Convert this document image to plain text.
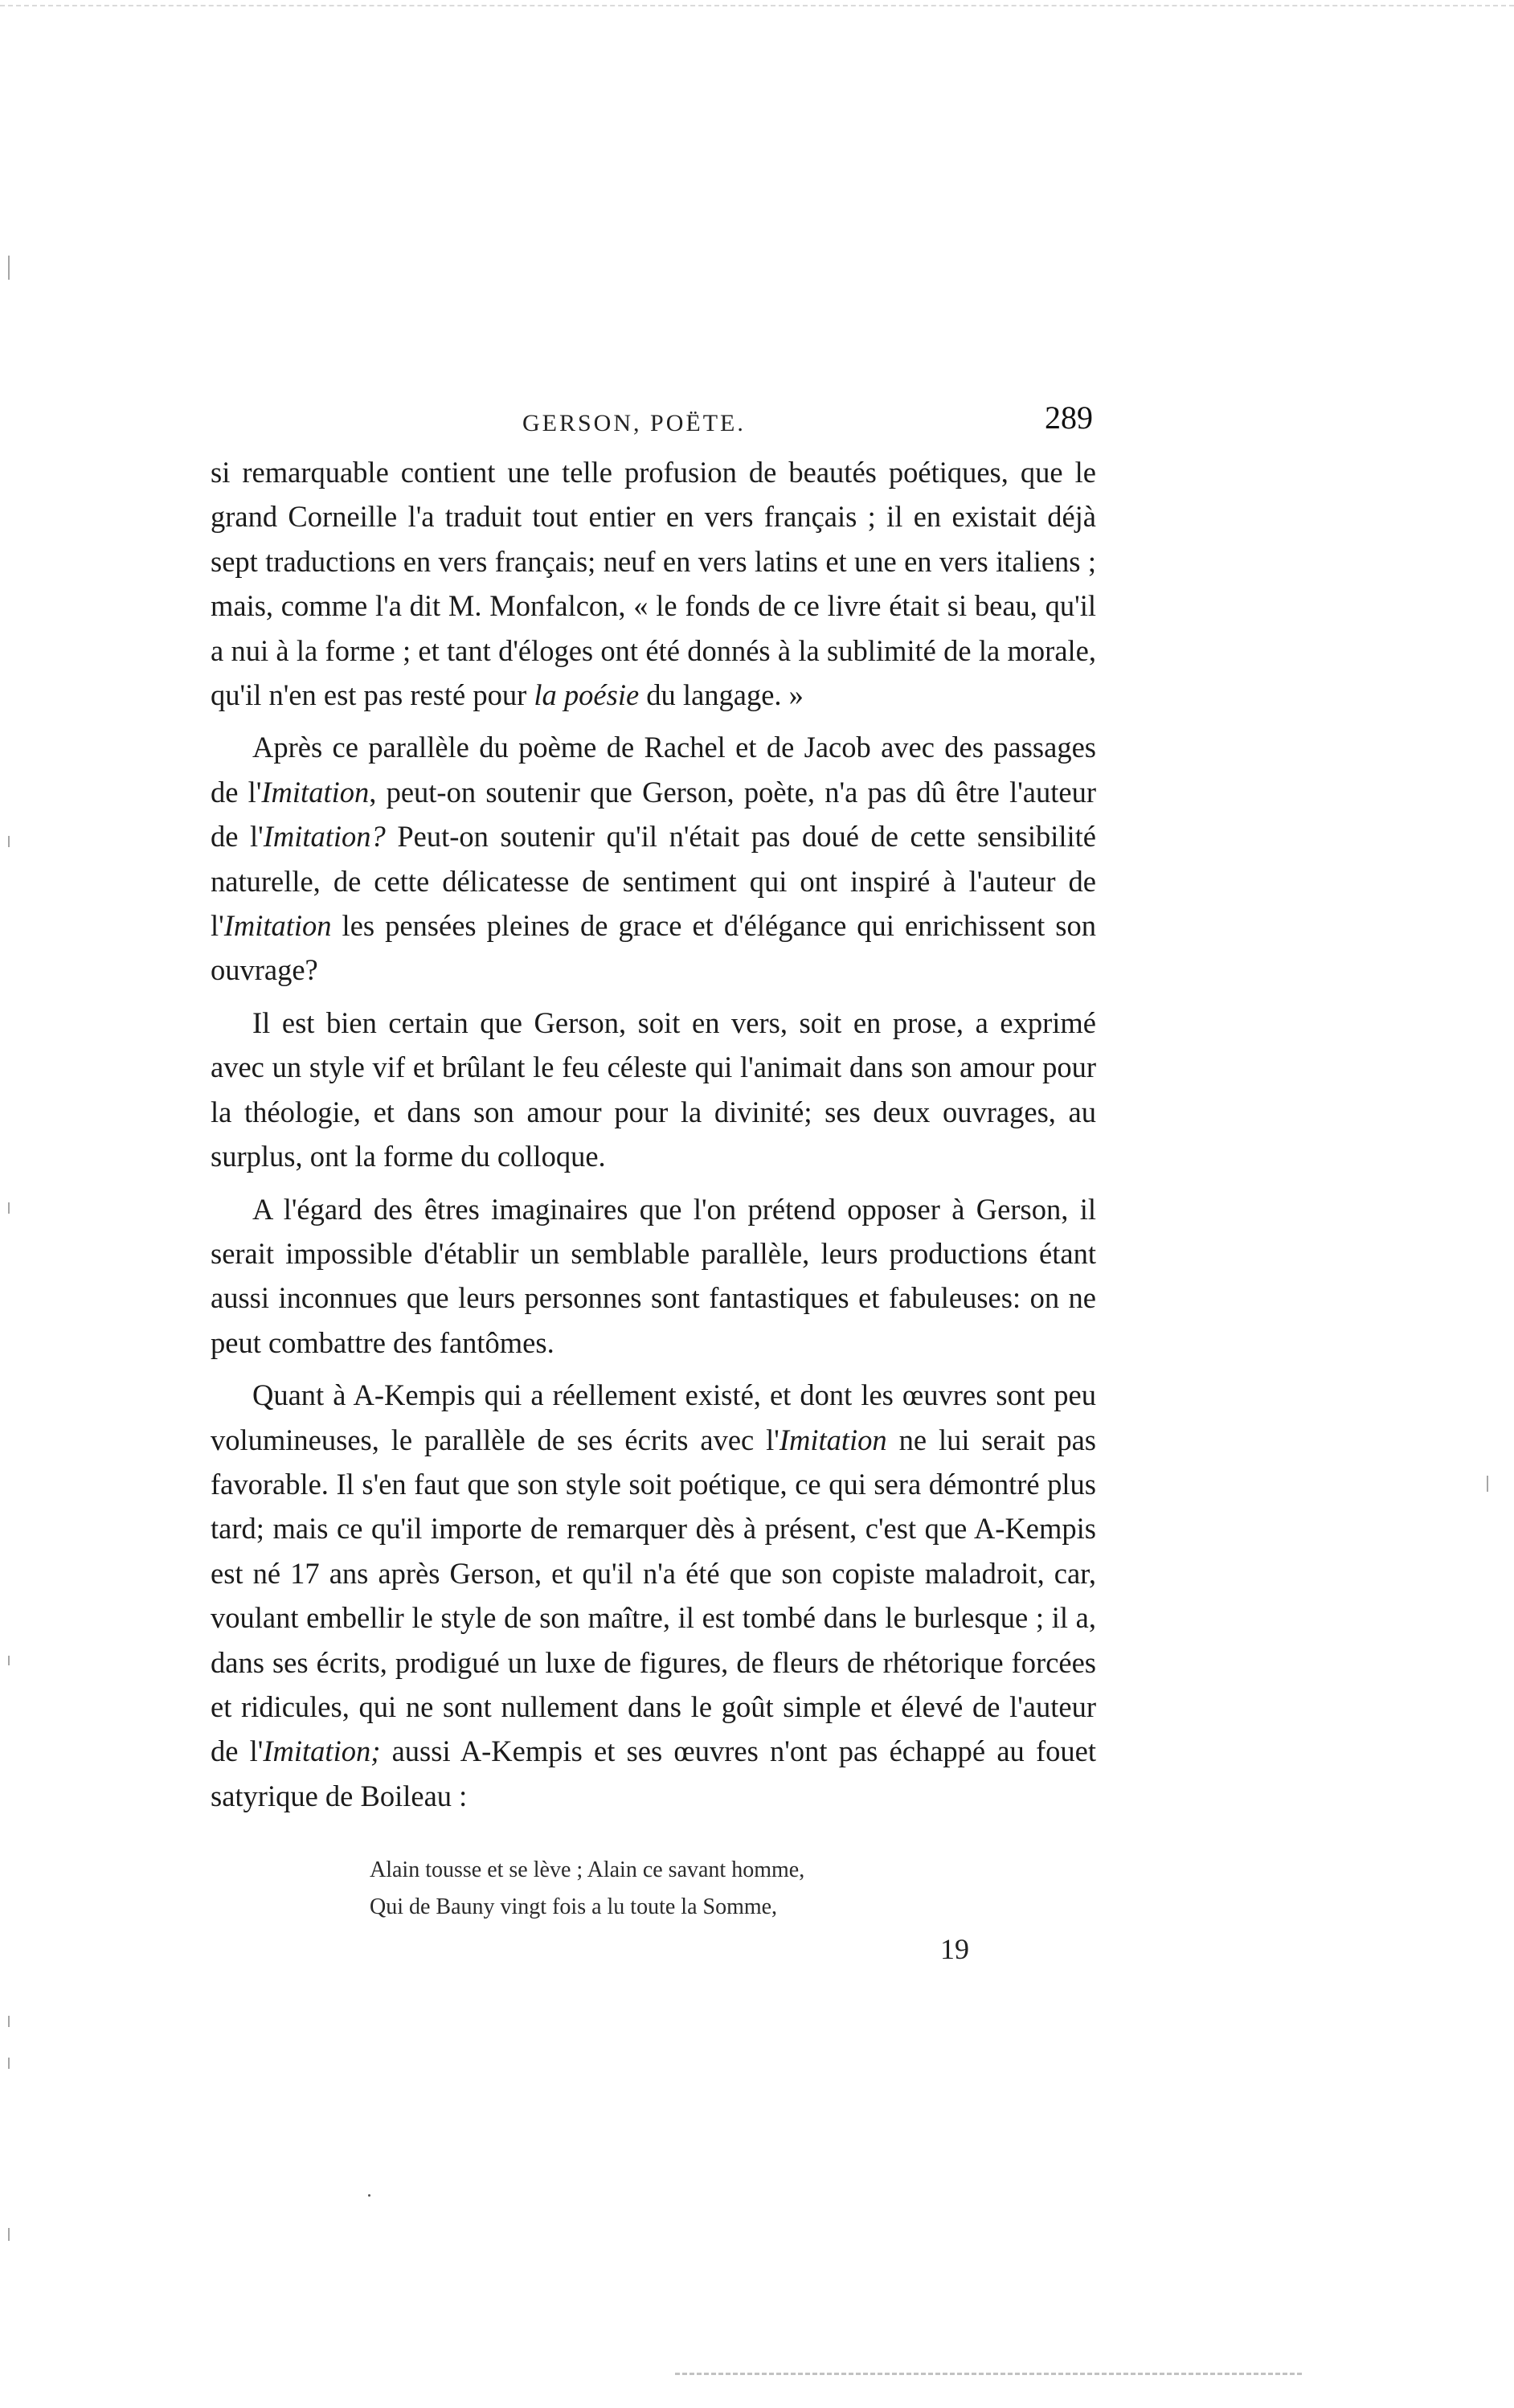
GERSON, POËTE.	289

si remarquable contient une telle profusion de beautés poétiques, que le grand Corneille l'a traduit tout entier en vers français ; il en existait déjà sept traductions en vers français; neuf en vers latins et une en vers italiens ; mais, comme l'a dit M. Monfalcon, « le fonds de ce livre était si beau, qu'il a nui à la forme ; et tant d'éloges ont été donnés à la sublimité de la morale, qu'il n'en est pas resté pour la poésie du langage. »

Après ce parallèle du poème de Rachel et de Jacob avec des passages de l'Imitation, peut-on soutenir que Gerson, poète, n'a pas dû être l'auteur de l'Imitation? Peut-on soutenir qu'il n'était pas doué de cette sensibilité naturelle, de cette délicatesse de sentiment qui ont inspiré à l'auteur de l'Imitation les pensées pleines de grace et d'élégance qui enrichissent son ouvrage?

Il est bien certain que Gerson, soit en vers, soit en prose, a exprimé avec un style vif et brûlant le feu céleste qui l'animait dans son amour pour la théologie, et dans son amour pour la divinité; ses deux ouvrages, au surplus, ont la forme du colloque.

A l'égard des êtres imaginaires que l'on prétend opposer à Gerson, il serait impossible d'établir un semblable parallèle, leurs productions étant aussi inconnues que leurs personnes sont fantastiques et fabuleuses: on ne peut combattre des fantômes.

Quant à A-Kempis qui a réellement existé, et dont les œuvres sont peu volumineuses, le parallèle de ses écrits avec l'Imitation ne lui serait pas favorable. Il s'en faut que son style soit poétique, ce qui sera démontré plus tard; mais ce qu'il importe de remarquer dès à présent, c'est que A-Kempis est né 17 ans après Gerson, et qu'il n'a été que son copiste maladroit, car, voulant embellir le style de son maître, il est tombé dans le burlesque ; il a, dans ses écrits, prodigué un luxe de figures, de fleurs de rhétorique forcées et ridicules, qui ne sont nullement dans le goût simple et élevé de l'auteur de l'Imitation; aussi A-Kempis et ses œuvres n'ont pas échappé au fouet satyrique de Boileau :

Alain tousse et se lève ; Alain ce savant homme,
Qui de Bauny vingt fois a lu toute la Somme,
19
